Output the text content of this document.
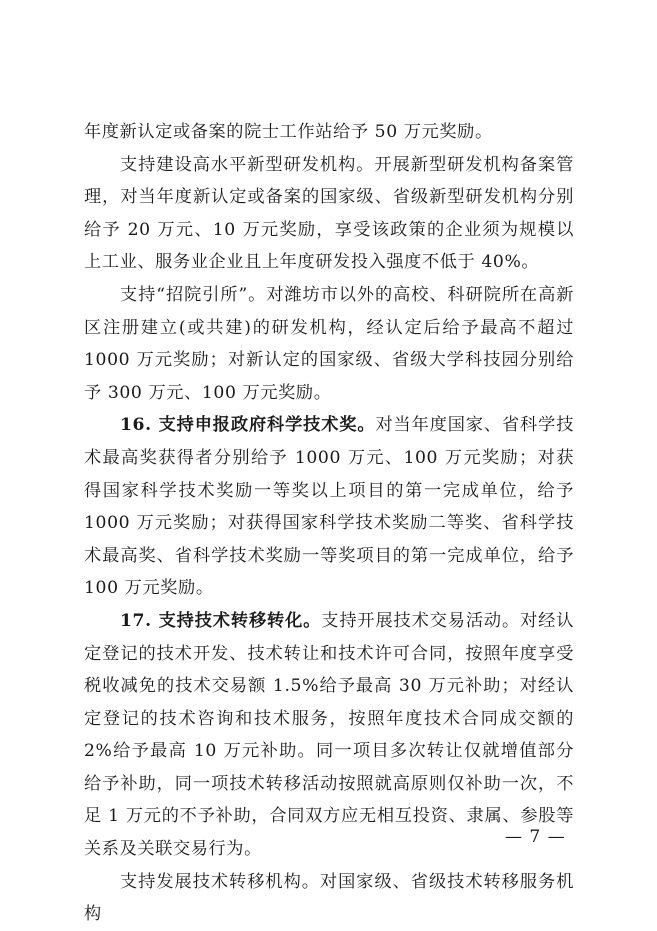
年度新认定或备案的院士工作站给予 50 万元奖励。

支持建设高水平新型研发机构。开展新型研发机构备案管理，对当年度新认定或备案的国家级、省级新型研发机构分别给予 20 万元、10 万元奖励，享受该政策的企业须为规模以上工业、服务业企业且上年度研发投入强度不低于 40%。

支持“招院引所”。对潍坊市以外的高校、科研院所在高新区注册建立(或共建)的研发机构，经认定后给予最高不超过 1000 万元奖励；对新认定的国家级、省级大学科技园分别给予 300 万元、100 万元奖励。

16. 支持申报政府科学技术奖。对当年度国家、省科学技术最高奖获得者分别给予 1000 万元、100 万元奖励；对获得国家科学技术奖励一等奖以上项目的第一完成单位，给予 1000 万元奖励；对获得国家科学技术奖励二等奖、省科学技术最高奖、省科学技术奖励一等奖项目的第一完成单位，给予 100 万元奖励。

17. 支持技术转移转化。支持开展技术交易活动。对经认定登记的技术开发、技术转让和技术许可合同，按照年度享受税收减免的技术交易额 1.5%给予最高 30 万元补助；对经认定登记的技术咨询和技术服务，按照年度技术合同成交额的 2%给予最高 10 万元补助。同一项目多次转让仅就增值部分给予补助，同一项技术转移活动按照就高原则仅补助一次，不足 1 万元的不予补助，合同双方应无相互投资、隶属、参股等关系及关联交易行为。

支持发展技术转移机构。对国家级、省级技术转移服务机构

— 7 —
